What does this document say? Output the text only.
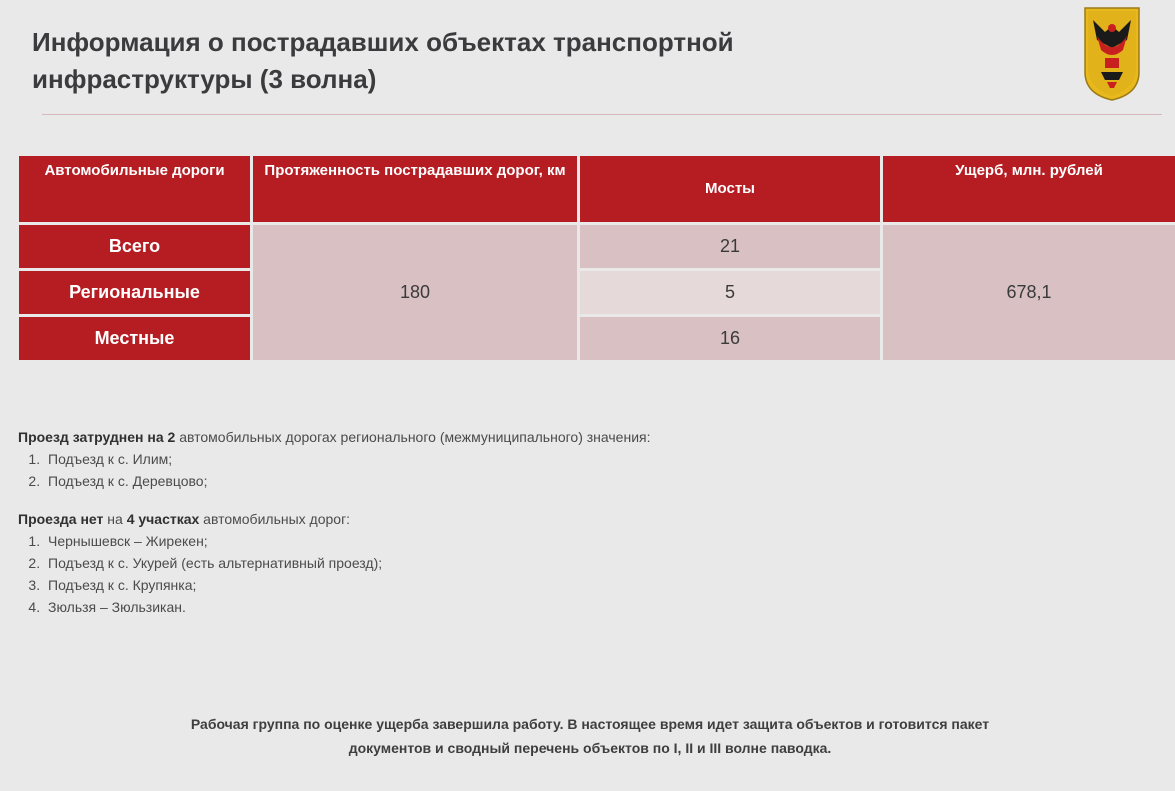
Информация о пострадавших объектах транспортной
инфраструктуры (3 волна)
Автомобильные дороги	Протяженность пострадавших дорог, км	Мосты	Ущерб, млн. рублей
Всего	180	21	678,1
Региональные		5	
Местные		16	

Проезд затруднен на 2 автомобильных дорогах регионального (межмуниципального) значения:

1. Подъезд к с. Илим;
2. Подъезд к с. Деревцово;

Проезда нет на 4 участках автомобильных дорог:

1. Чернышевск – Жирекен;
2. Подъезд к с. Укурей (есть альтернативный проезд);
3. Подъезд к с. Крупянка;
4. Зюльзя – Зюльзикан.
Рабочая группа по оценке ущерба завершила работу. В настоящее время идет защита объектов и готовится пакет
документов и сводный перечень объектов по I, II и III волне паводка.
